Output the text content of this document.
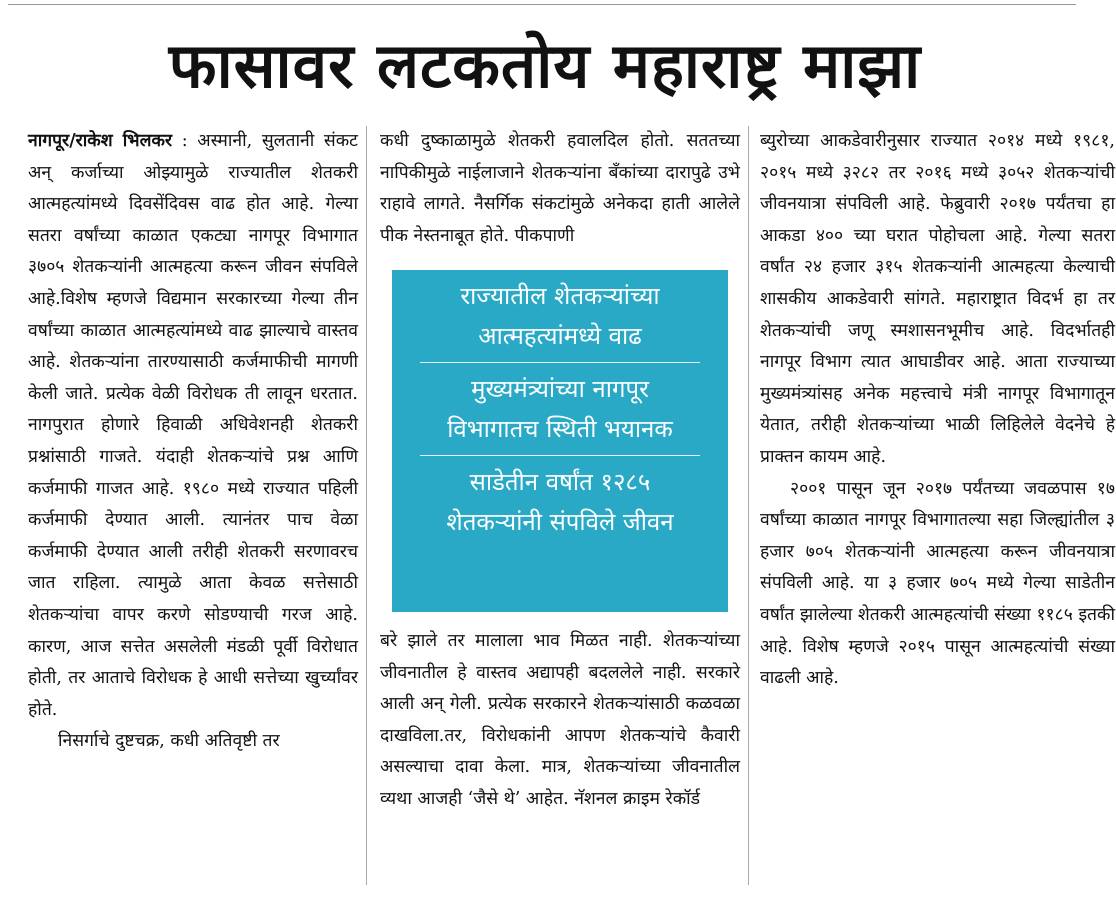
फासावर लटकतोय महाराष्ट्र माझा

नागपूर/राकेश भिलकर : अस्मानी, सुलतानी संकट अन् कर्जाच्या ओझ्यामुळे राज्यातील शेतकरी आत्महत्यांमध्ये दिवसेंदिवस वाढ होत आहे. गेल्या सतरा वर्षांच्या काळात एकट्या नागपूर विभागात ३७०५ शेतकऱ्यांनी आत्महत्या करून जीवन संपविले आहे.विशेष म्हणजे विद्यमान सरकारच्या गेल्या तीन वर्षांच्या काळात आत्महत्यांमध्ये वाढ झाल्याचे वास्तव आहे. शेतकऱ्यांना तारण्यासाठी कर्जमाफीची मागणी केली जाते. प्रत्येक वेळी विरोधक ती लावून धरतात. नागपुरात होणारे हिवाळी अधिवेशनही शेतकरी प्रश्नांसाठी गाजते. यंदाही शेतकऱ्यांचे प्रश्न आणि कर्जमाफी गाजत आहे. १९८० मध्ये राज्यात पहिली कर्जमाफी देण्यात आली. त्यानंतर पाच वेळा कर्जमाफी देण्यात आली तरीही शेतकरी सरणावरच जात राहिला. त्यामुळे आता केवळ सत्तेसाठी शेतकऱ्यांचा वापर करणे सोडण्याची गरज आहे. कारण, आज सत्तेत असलेली मंडळी पूर्वी विरोधात होती, तर आताचे विरोधक हे आधी सत्तेच्या खुर्च्यांवर होते.

निसर्गाचे दुष्टचक्र, कधी अतिवृष्टी तर

कधी दुष्काळामुळे शेतकरी हवालदिल होतो. सततच्या नापिकीमुळे नाईलाजाने शेतकऱ्यांना बँकांच्या दारापुढे उभे राहावे लागते. नैसर्गिक संकटांमुळे अनेकदा हाती आलेले पीक नेस्तनाबूत होते. पीकपाणी

राज्यातील शेतकऱ्यांच्या
आत्महत्यांमध्ये वाढ
मुख्यमंत्र्यांच्या नागपूर
विभागातच स्थिती भयानक
साडेतीन वर्षांत १२८५
शेतकऱ्यांनी संपविले जीवन

बरे झाले तर मालाला भाव मिळत नाही. शेतकऱ्यांच्या जीवनातील हे वास्तव अद्यापही बदललेले नाही. सरकारे आली अन् गेली. प्रत्येक सरकारने शेतकऱ्यांसाठी कळवळा दाखविला.तर, विरोधकांनी आपण शेतकऱ्यांचे कैवारी असल्याचा दावा केला. मात्र, शेतकऱ्यांच्या जीवनातील व्यथा आजही ‘जैसे थे’ आहेत. नॅशनल क्राइम रेकॉर्ड

ब्युरोच्या आकडेवारीनुसार राज्यात २०१४ मध्ये १९८१, २०१५ मध्ये ३२८२ तर २०१६ मध्ये ३०५२ शेतकऱ्यांची जीवनयात्रा संपविली आहे. फेब्रुवारी २०१७ पर्यंतचा हा आकडा ४०० च्या घरात पोहोचला आहे. गेल्या सतरा वर्षांत २४ हजार ३१५ शेतकऱ्यांनी आत्महत्या केल्याची शासकीय आकडेवारी सांगते. महाराष्ट्रात विदर्भ हा तर शेतकऱ्यांची जणू स्मशासनभूमीच आहे. विदर्भातही नागपूर विभाग त्यात आघाडीवर आहे. आता राज्याच्या मुख्यमंत्र्यांसह अनेक महत्त्वाचे मंत्री नागपूर विभागातून येतात, तरीही शेतकऱ्यांच्या भाळी लिहिलेले वेदनेचे हे प्राक्तन कायम आहे.

२००१ पासून जून २०१७ पर्यंतच्या जवळपास १७ वर्षांच्या काळात नागपूर विभागातल्या सहा जिल्ह्यांतील ३ हजार ७०५ शेतकऱ्यांनी आत्महत्या करून जीवनयात्रा संपविली आहे. या ३ हजार ७०५ मध्ये गेल्या साडेतीन वर्षांत झालेल्या शेतकरी आत्महत्यांची संख्या ११८५ इतकी आहे. विशेष म्हणजे २०१५ पासून आत्महत्यांची संख्या वाढली आहे.
